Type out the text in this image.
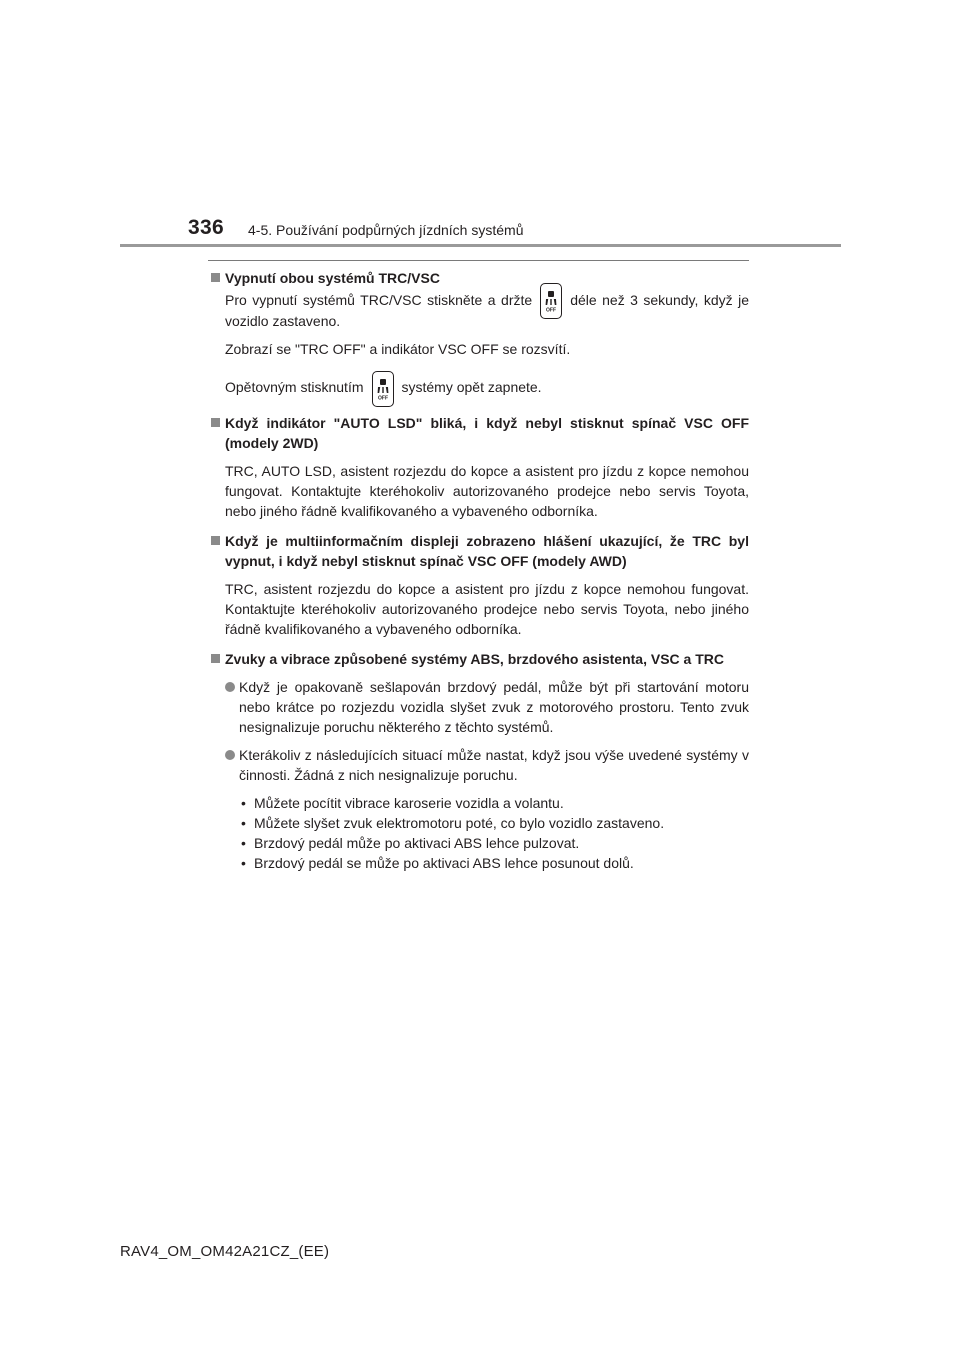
336 4-5. Používání podpůrných jízdních systémů
Vypnutí obou systémů TRC/VSC
Pro vypnutí systémů TRC/VSC stiskněte a držte
OFF
déle než 3 sekundy, když je vozidlo zastaveno.
Zobrazí se "TRC OFF" a indikátor VSC OFF se rozsvítí.
Opětovným stisknutím
OFF
systémy opět zapnete.
Když indikátor "AUTO LSD" bliká, i když nebyl stisknut spínač VSC OFF (modely 2WD)
TRC, AUTO LSD, asistent rozjezdu do kopce a asistent pro jízdu z kopce nemohou fungovat. Kontaktujte kteréhokoliv autorizovaného prodejce nebo servis Toyota, nebo jiného řádně kvalifikovaného a vybaveného odborníka.
Když je multiinformačním displeji zobrazeno hlášení ukazující, že TRC byl vypnut, i když nebyl stisknut spínač VSC OFF (modely AWD)
TRC, asistent rozjezdu do kopce a asistent pro jízdu z kopce nemohou fungovat. Kontaktujte kteréhokoliv autorizovaného prodejce nebo servis Toyota, nebo jiného řádně kvalifikovaného a vybaveného odborníka.
Zvuky a vibrace způsobené systémy ABS, brzdového asistenta, VSC a TRC
Když je opakovaně sešlapován brzdový pedál, může být při startování motoru nebo krátce po rozjezdu vozidla slyšet zvuk z motorového prostoru. Tento zvuk nesignalizuje poruchu některého z těchto systémů.
Kterákoliv z následujících situací může nastat, když jsou výše uvedené systémy v činnosti. Žádná z nich nesignalizuje poruchu.
• Můžete pocítit vibrace karoserie vozidla a volantu.
• Můžete slyšet zvuk elektromotoru poté, co bylo vozidlo zastaveno.
• Brzdový pedál může po aktivaci ABS lehce pulzovat.
• Brzdový pedál se může po aktivaci ABS lehce posunout dolů.
RAV4_OM_OM42A21CZ_(EE)
